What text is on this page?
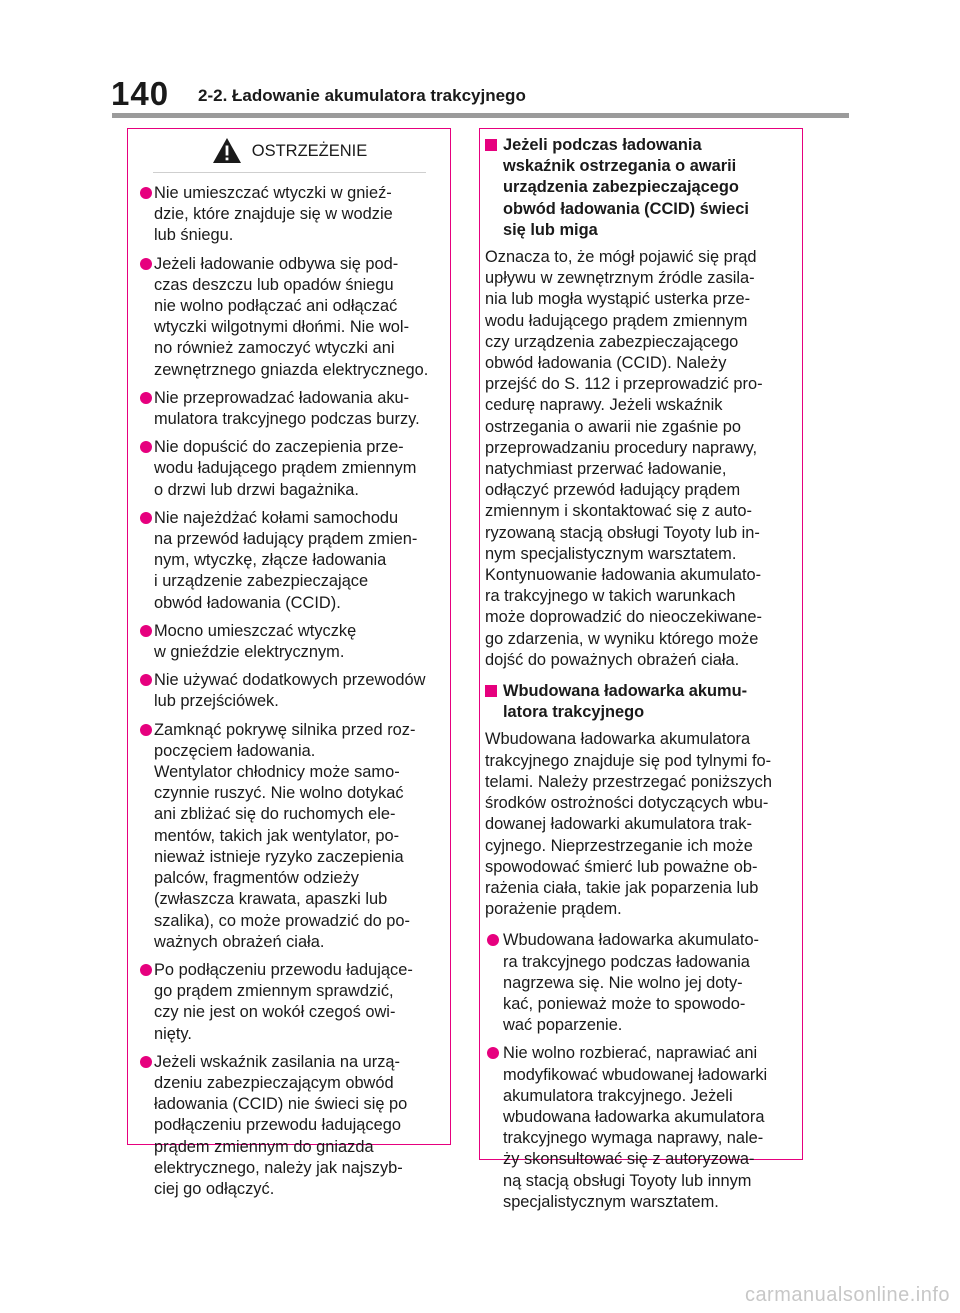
140 2-2. Ładowanie akumulatora trakcyjnego
OSTRZEŻENIE
Nie umieszczać wtyczki w gnieź-
dzie, które znajduje się w wodzie
lub śniegu.
Jeżeli ładowanie odbywa się pod-
czas deszczu lub opadów śniegu
nie wolno podłączać ani odłączać
wtyczki wilgotnymi dłońmi. Nie wol-
no również zamoczyć wtyczki ani
zewnętrznego gniazda elektrycznego.
Nie przeprowadzać ładowania aku-
mulatora trakcyjnego podczas burzy.
Nie dopuścić do zaczepienia prze-
wodu ładującego prądem zmiennym
o drzwi lub drzwi bagażnika.
Nie najeżdżać kołami samochodu
na przewód ładujący prądem zmien-
nym, wtyczkę, złącze ładowania
i urządzenie zabezpieczające
obwód ładowania (CCID).
Mocno umieszczać wtyczkę
w gnieździe elektrycznym.
Nie używać dodatkowych przewodów
lub przejściówek.
Zamknąć pokrywę silnika przed roz-
poczęciem ładowania.
Wentylator chłodnicy może samo-
czynnie ruszyć. Nie wolno dotykać
ani zbliżać się do ruchomych ele-
mentów, takich jak wentylator, po-
nieważ istnieje ryzyko zaczepienia
palców, fragmentów odzieży
(zwłaszcza krawata, apaszki lub
szalika), co może prowadzić do po-
ważnych obrażeń ciała.
Po podłączeniu przewodu ładujące-
go prądem zmiennym sprawdzić,
czy nie jest on wokół czegoś owi-
nięty.
Jeżeli wskaźnik zasilania na urzą-
dzeniu zabezpieczającym obwód
ładowania (CCID) nie świeci się po
podłączeniu przewodu ładującego
prądem zmiennym do gniazda
elektrycznego, należy jak najszyb-
ciej go odłączyć.
Jeżeli podczas ładowania
wskaźnik ostrzegania o awarii
urządzenia zabezpieczającego
obwód ładowania (CCID) świeci
się lub miga
Oznacza to, że mógł pojawić się prąd
upływu w zewnętrznym źródle zasila-
nia lub mogła wystąpić usterka prze-
wodu ładującego prądem zmiennym
czy urządzenia zabezpieczającego
obwód ładowania (CCID). Należy
przejść do S. 112 i przeprowadzić pro-
cedurę naprawy. Jeżeli wskaźnik
ostrzegania o awarii nie zgaśnie po
przeprowadzaniu procedury naprawy,
natychmiast przerwać ładowanie,
odłączyć przewód ładujący prądem
zmiennym i skontaktować się z auto-
ryzowaną stacją obsługi Toyoty lub in-
nym specjalistycznym warsztatem.
Kontynuowanie ładowania akumulato-
ra trakcyjnego w takich warunkach
może doprowadzić do nieoczekiwane-
go zdarzenia, w wyniku którego może
dojść do poważnych obrażeń ciała.
Wbudowana ładowarka akumu-
latora trakcyjnego
Wbudowana ładowarka akumulatora
trakcyjnego znajduje się pod tylnymi fo-
telami. Należy przestrzegać poniższych
środków ostrożności dotyczących wbu-
dowanej ładowarki akumulatora trak-
cyjnego. Nieprzestrzeganie ich może
spowodować śmierć lub poważne ob-
rażenia ciała, takie jak poparzenia lub
porażenie prądem.
Wbudowana ładowarka akumulato-
ra trakcyjnego podczas ładowania
nagrzewa się. Nie wolno jej doty-
kać, ponieważ może to spowodo-
wać poparzenie.
Nie wolno rozbierać, naprawiać ani
modyfikować wbudowanej ładowarki
akumulatora trakcyjnego. Jeżeli
wbudowana ładowarka akumulatora
trakcyjnego wymaga naprawy, nale-
ży skonsultować się z autoryzowa-
ną stacją obsługi Toyoty lub innym
specjalistycznym warsztatem.
carmanualsonline.info
